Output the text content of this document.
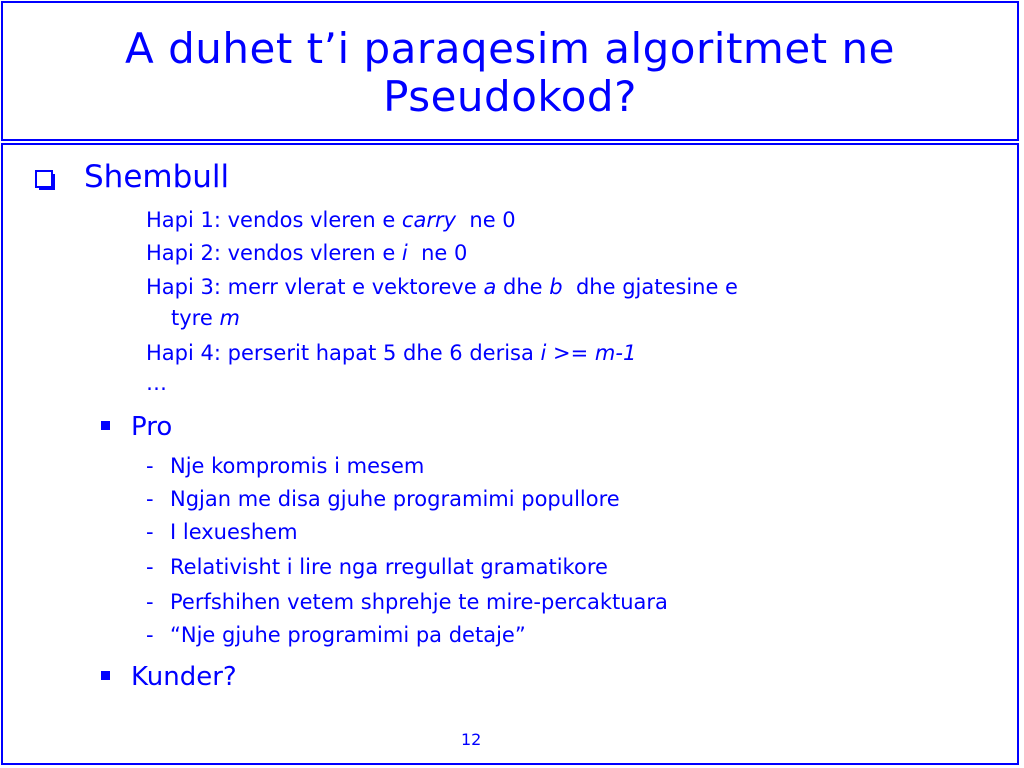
A duhet t’i paraqesim algoritmet ne
Pseudokod?
Shembull
Hapi 1: vendos vleren e carry  ne 0
Hapi 2: vendos vleren e i  ne 0
Hapi 3: merr vlerat e vektoreve a dhe b  dhe gjatesine e
tyre m
Hapi 4: perserit hapat 5 dhe 6 derisa i >= m-1
…
Pro
- Nje kompromis i mesem
- Ngjan me disa gjuhe programimi popullore
- I lexueshem
- Relativisht i lire nga rregullat gramatikore
- Perfshihen vetem shprehje te mire-percaktuara
- “Nje gjuhe programimi pa detaje”
Kunder?
12
